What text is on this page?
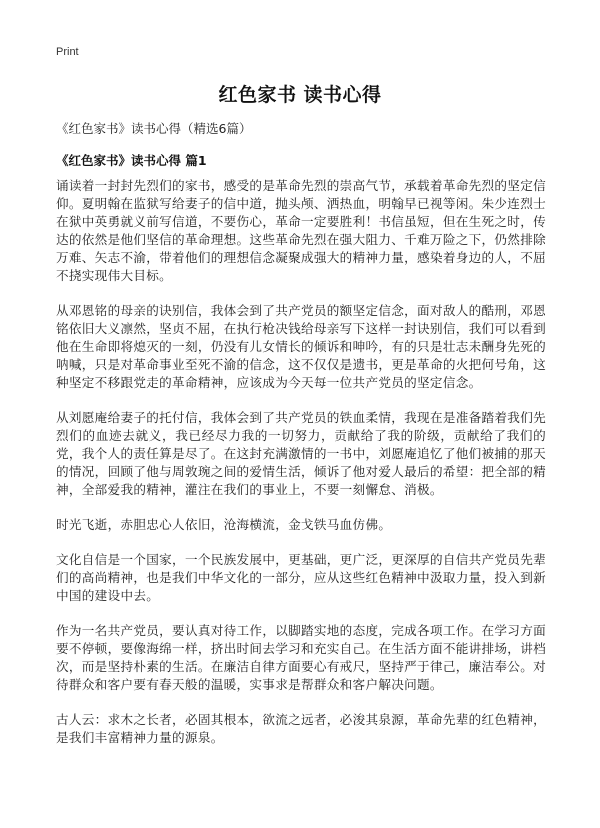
Print
红色家书 读书心得
《红色家书》读书心得（精选6篇）
《红色家书》读书心得 篇1

诵读着一封封先烈们的家书，感受的是革命先烈的崇高气节，承载着革命先烈的坚定信仰。夏明翰在监狱写给妻子的信中道，抛头颅、洒热血，明翰早已视等闲。朱少连烈士在狱中英勇就义前写信道，不要伤心，革命一定要胜利！书信虽短，但在生死之时，传达的依然是他们坚信的革命理想。这些革命先烈在强大阻力、千难万险之下，仍然排除万难、矢志不渝，带着他们的理想信念凝聚成强大的精神力量，感染着身边的人，不屈不挠实现伟大目标。

从邓恩铭的母亲的诀别信，我体会到了共产党员的额坚定信念，面对敌人的酷刑，邓恩铭依旧大义凛然，坚贞不屈，在执行枪决钱给母亲写下这样一封诀别信，我们可以看到他在生命即将熄灭的一刻，仍没有儿女情长的倾诉和呻吟，有的只是壮志未酬身先死的呐喊，只是对革命事业至死不渝的信念，这不仅仅是遗书，更是革命的火把何号角，这种坚定不移跟党走的革命精神，应该成为今天每一位共产党员的坚定信念。

从刘愿庵给妻子的托付信，我体会到了共产党员的铁血柔情，我现在是准备踏着我们先烈们的血迹去就义，我已经尽力我的一切努力，贡献给了我的阶级，贡献给了我们的党，我个人的责任算是尽了。在这封充满激情的一书中，刘愿庵追忆了他们被捕的那天的情况，回顾了他与周敦琬之间的爱情生活，倾诉了他对爱人最后的希望：把全部的精神，全部爱我的精神，灌注在我们的事业上，不要一刻懈怠、消极。

时光飞逝，赤胆忠心人依旧，沧海横流，金戈铁马血仿佛。

文化自信是一个国家，一个民族发展中，更基础，更广泛，更深厚的自信共产党员先辈们的高尚精神，也是我们中华文化的一部分，应从这些红色精神中汲取力量，投入到新中国的建设中去。

作为一名共产党员，要认真对待工作，以脚踏实地的态度，完成各项工作。在学习方面要不停顿，要像海绵一样，挤出时间去学习和充实自己。在生活方面不能讲排场，讲档次，而是坚持朴素的生活。在廉洁自律方面要心有戒尺，坚持严于律己，廉洁奉公。对待群众和客户要有春天般的温暖，实事求是帮群众和客户解决问题。

古人云：求木之长者，必固其根本，欲流之远者，必浚其泉源，革命先辈的红色精神，是我们丰富精神力量的源泉。
